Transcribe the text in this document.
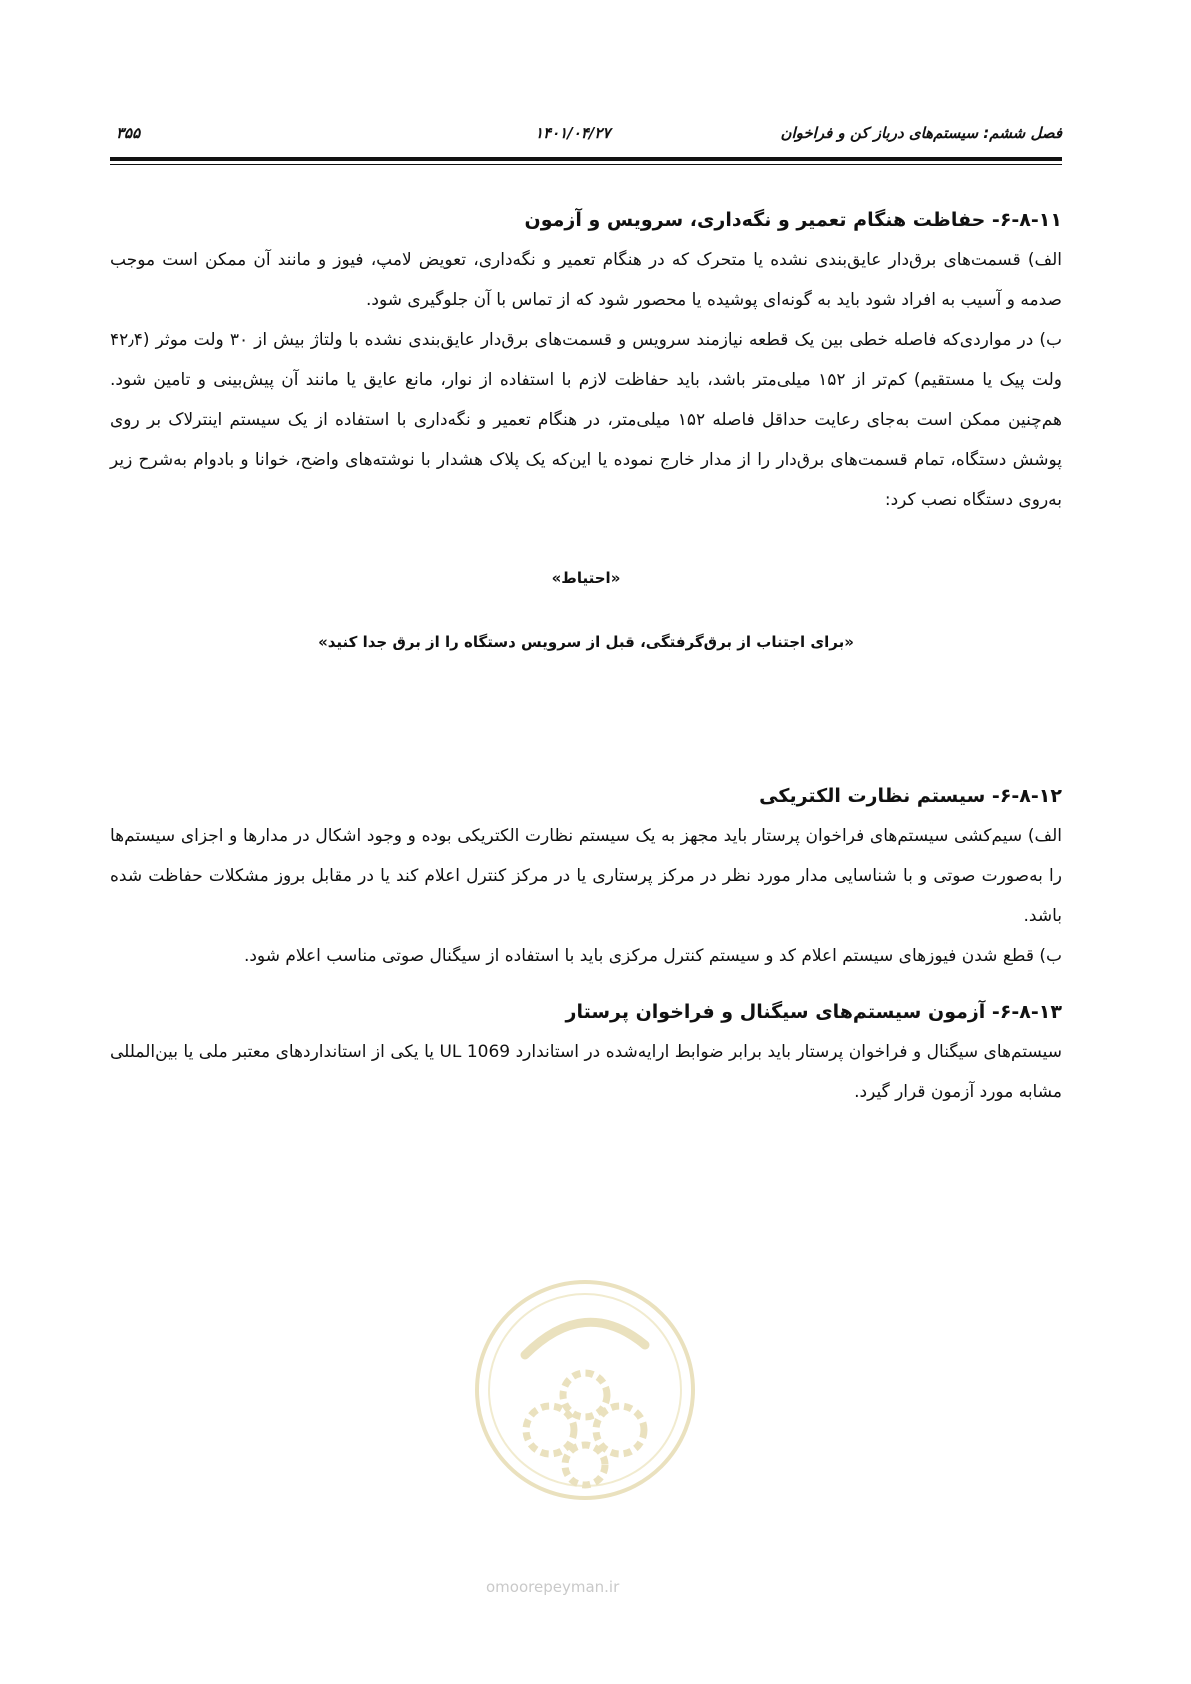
فصل ششم: سیستم‌های درباز کن و فراخوان
۱۴۰۱/۰۴/۲۷
۳۵۵
۶-۸-۱۱- حفاظت هنگام تعمیر و نگه‌داری، سرویس و آزمون

الف) قسمت‌های برق‌دار عایق‌بندی نشده یا متحرک که در هنگام تعمیر و نگه‌داری، تعویض لامپ، فیوز و مانند آن ممکن است موجب صدمه و آسیب به افراد شود باید به گونه‌ای پوشیده یا محصور شود که از تماس با آن جلوگیری شود.

ب) در مواردی‌که فاصله خطی بین یک قطعه نیازمند سرویس و قسمت‌های برق‌دار عایق‌بندی نشده با ولتاژ بیش از ۳۰ ولت موثر (۴۲٫۴ ولت پیک یا مستقیم) کم‌تر از ۱۵۲ میلی‌متر باشد، باید حفاظت لازم با استفاده از نوار، مانع عایق یا مانند آن پیش‌بینی و تامین شود. هم‌چنین ممکن است به‌جای رعایت حداقل فاصله ۱۵۲ میلی‌متر، در هنگام تعمیر و نگه‌داری با استفاده از یک سیستم اینترلاک بر روی پوشش دستگاه، تمام قسمت‌های برق‌دار را از مدار خارج نموده یا این‌که یک پلاک هشدار با نوشته‌های واضح، خوانا و بادوام به‌شرح زیر به‌روی دستگاه نصب کرد:

«احتیاط»
«برای اجتناب از برق‌گرفتگی، قبل از سرویس دستگاه را از برق جدا کنید»
۶-۸-۱۲- سیستم نظارت الکتریکی

الف) سیم‌کشی سیستم‌های فراخوان پرستار باید مجهز به یک سیستم نظارت الکتریکی بوده و وجود اشکال در مدارها و اجزای سیستم‌ها را به‌صورت صوتی و با شناسایی مدار مورد نظر در مرکز پرستاری یا در مرکز کنترل اعلام کند یا در مقابل بروز مشکلات حفاظت شده باشد.

ب) قطع شدن فیوزهای سیستم اعلام کد و سیستم کنترل مرکزی باید با استفاده از سیگنال صوتی مناسب اعلام شود.

۶-۸-۱۳- آزمون سیستم‌های سیگنال و فراخوان پرستار

سیستم‌های سیگنال و فراخوان پرستار باید برابر ضوابط ارایه‌شده در استاندارد UL 1069 یا یکی از استانداردهای معتبر ملی یا بین‌المللی مشابه مورد آزمون قرار گیرد.

omoorepeyman.ir
